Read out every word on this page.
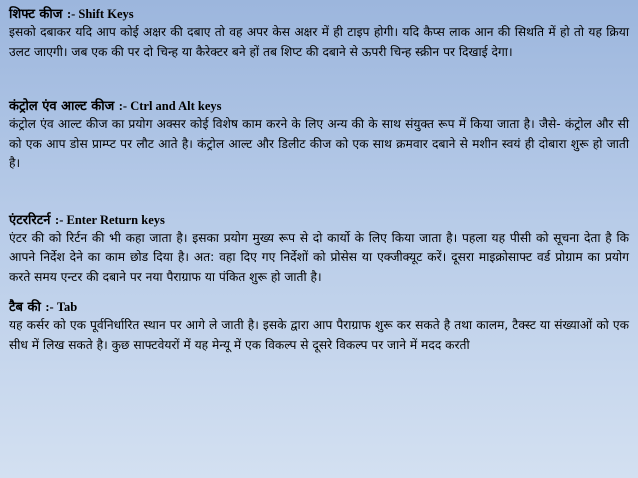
शिफ्ट कीज :- Shift Keys

इसको दबाकर यदि आप कोई अक्षर की दबाए तो वह अपर केस अक्षर में ही टाइप होगी। यदि कैप्स लाक आन की सिथति में हो तो यह क्रिया उलट जाएगी। जब एक की पर दो चिन्ह या कैरेक्टर बने हों तब शिप्ट की दबाने से ऊपरी चिन्ह स्क्रीन पर दिखाई देगा।

कंट्रोल एंव आल्ट कीज :- Ctrl and Alt keys

कंट्रोल एंव आल्ट कीज का प्रयोग अक्सर कोई विशेष काम करने के लिए अन्य की के साथ संयुक्त रूप में किया जाता है। जैसे- कंट्रोल और सी को एक आप डोस प्राम्प्ट पर लौट आते है। कंट्रोल आल्ट और डिलीट कीज को एक साथ क्रमवार दबाने से मशीन स्वयं ही दोबारा शुरू हो जाती है।

एंटररिटर्न :- Enter Return keys

एंटर की को रिर्टन की भी कहा जाता है। इसका प्रयोग मुख्य रूप से दो कार्यो के लिए किया जाता है। पहला यह पीसी को सूचना देता है कि आपने निर्देश देने का काम छोड दिया है। अत: वहा दिए गए निर्देशों को प्रोसेस या एक्जीक्यूट करें। दूसरा माइक्रोसाफ्ट वर्ड प्रोग्राम का प्रयोग करते समय एन्टर की दबाने पर नया पैराग्राफ या पंकित शुरू हो जाती है।

टैब की :- Tab

यह कर्सर को एक पूर्वनिर्धारित स्थान पर आगे ले जाती है। इसके द्वारा आप पैराग्राफ शुरू कर सकते है तथा कालम, टैक्स्ट या संख्याओं को एक सीध में लिख सकते है। कुछ साफ्टवेयरों में यह मेन्यू में एक विकल्प से दूसरे विकल्प पर जाने में मदद करती
